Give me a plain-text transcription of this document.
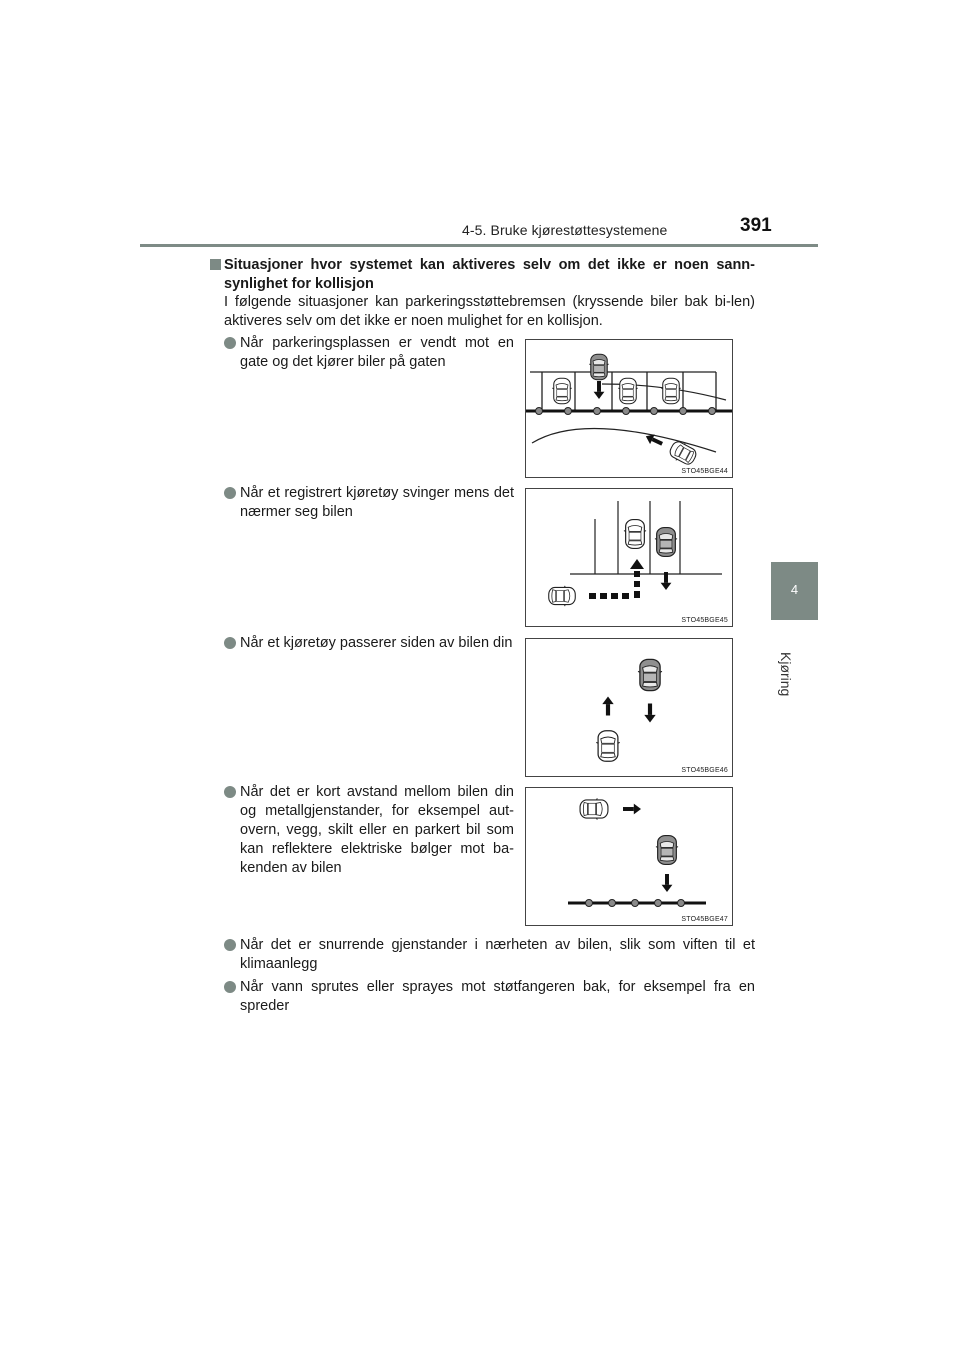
4-5. Bruke kjørestøttesystemene	391
4
Kjøring
Situasjoner hvor systemet kan aktiveres selv om det ikke er noen sann-synlighet for kollisjon
I følgende situasjoner kan parkeringsstøttebremsen (kryssende biler bak bi-len) aktiveres selv om det ikke er noen mulighet for en kollisjon.
Når parkeringsplassen er vendt mot en gate og det kjører biler på gaten
Når et registrert kjøretøy svinger mens det nærmer seg bilen
Når et kjøretøy passerer siden av bilen din
Når det er kort avstand mellom bilen din og metallgjenstander, for eksempel aut-overn, vegg, skilt eller en parkert bil som kan reflektere elektriske bølger mot ba-kenden av bilen
Når det er snurrende gjenstander i nærheten av bilen, slik som viften til et klimaanlegg
Når vann sprutes eller sprayes mot støtfangeren bak, for eksempel fra en spreder
STO45BGE44
STO45BGE45
STO45BGE46
STO45BGE47
